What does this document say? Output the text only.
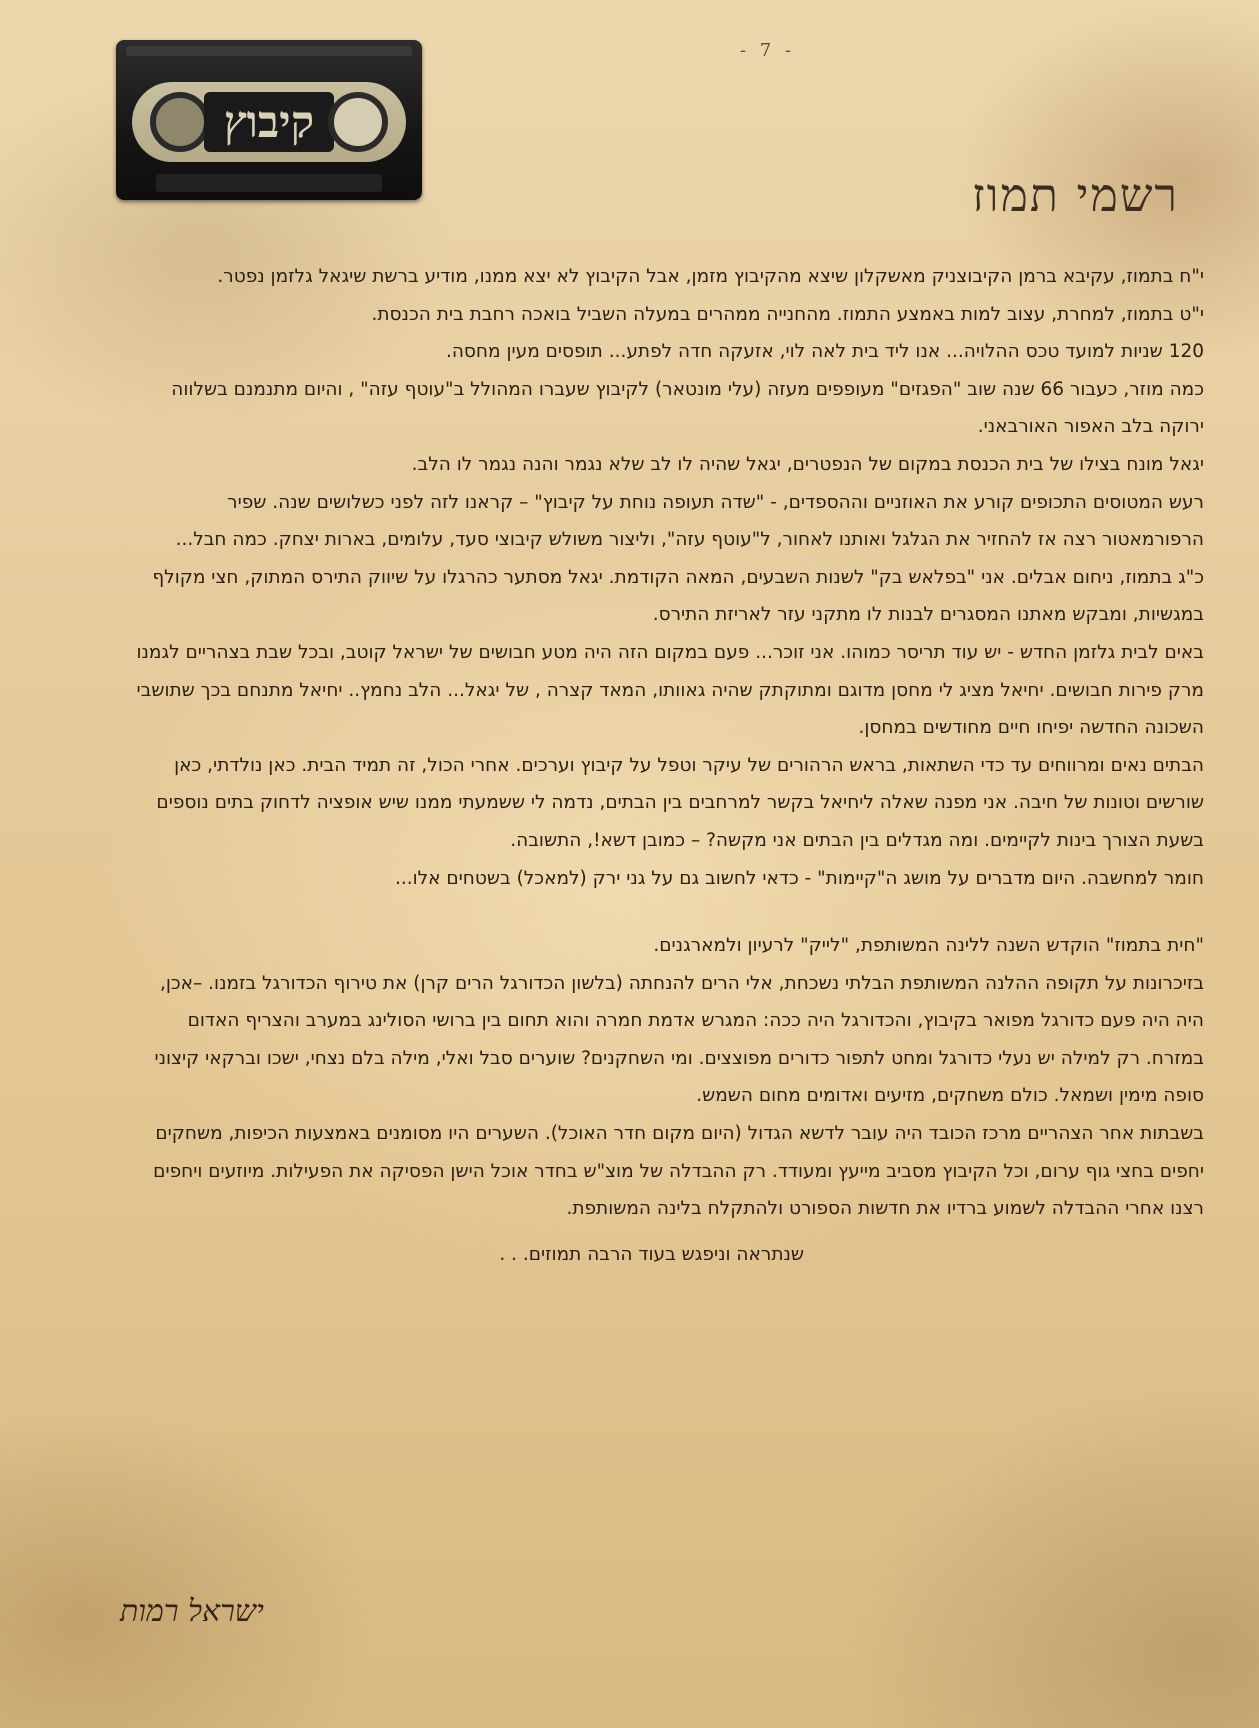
- 7 -
קיבוץ
רשמי תמוז

י"ח בתמוז, עקיבא ברמן הקיבוצניק מאשקלון שיצא מהקיבוץ מזמן, אבל הקיבוץ לא יצא ממנו, מודיע ברשת שיגאל גלזמן נפטר.

י"ט בתמוז, למחרת, עצוב למות באמצע התמוז. מהחנייה ממהרים במעלה השביל בואכה רחבת בית הכנסת.

120 שניות למועד טכס ההלויה... אנו ליד בית לאה לוי, אזעקה חדה לפתע... תופסים מעין מחסה.

כמה מוזר, כעבור 66 שנה שוב "הפגזים" מעופפים מעזה (עלי מונטאר) לקיבוץ שעברו המהולל ב"עוטף עזה" , והיום מתנמנם בשלווה ירוקה בלב האפור האורבאני.

יגאל מונח בצילו של בית הכנסת במקום של הנפטרים, יגאל שהיה לו לב שלא נגמר והנה נגמר לו הלב.

רעש המטוסים התכופים קורע את האוזניים וההספדים, - "שדה תעופה נוחת על קיבוץ" – קראנו לזה לפני כשלושים שנה. שפיר הרפורמאטור רצה אז להחזיר את הגלגל ואותנו לאחור, ל"עוטף עזה", וליצור משולש קיבוצי סעד, עלומים, בארות יצחק. כמה חבל...

כ"ג בתמוז, ניחום אבלים. אני "בפלאש בק" לשנות השבעים, המאה הקודמת. יגאל מסתער כהרגלו על שיווק התירס המתוק, חצי מקולף במגשיות, ומבקש מאתנו המסגרים לבנות לו מתקני עזר לאריזת התירס.

באים לבית גלזמן החדש - יש עוד תריסר כמוהו. אני זוכר... פעם במקום הזה היה מטע חבושים של ישראל קוטב, ובכל שבת בצהריים לגמנו מרק פירות חבושים. יחיאל מציג לי מחסן מדוגם ומתוקתק שהיה גאוותו, המאד קצרה , של יגאל... הלב נחמץ.. יחיאל מתנחם בכך שתושבי השכונה החדשה יפיחו חיים מחודשים במחסן.

הבתים נאים ומרווחים עד כדי השתאות, בראש הרהורים של עיקר וטפל על קיבוץ וערכים. אחרי הכול, זה תמיד הבית. כאן נולדתי, כאן שורשים וטונות של חיבה. אני מפנה שאלה ליחיאל בקשר למרחבים בין הבתים, נדמה לי ששמעתי ממנו שיש אופציה לדחוק בתים נוספים בשעת הצורך בינות לקיימים. ומה מגדלים בין הבתים אני מקשה? – כמובן דשא!, התשובה.

חומר למחשבה. היום מדברים על מושג ה"קיימות" - כדאי לחשוב גם על גני ירק (למאכל) בשטחים אלו...

"חית בתמוז" הוקדש השנה ללינה המשותפת, "לייק" לרעיון ולמארגנים.

בזיכרונות על תקופה ההלנה המשותפת הבלתי נשכחת, אלי הרים להנחתה (בלשון הכדורגל הרים קרן) את טירוף הכדורגל בזמנו. –אכן, היה היה פעם כדורגל מפואר בקיבוץ, והכדורגל היה ככה: המגרש אדמת חמרה והוא תחום בין ברושי הסולינג במערב והצריף האדום במזרח. רק למילה יש נעלי כדורגל ומחט לתפור כדורים מפוצצים. ומי השחקנים? שוערים סבל ואלי, מילה בלם נצחי, ישכו וברקאי קיצוני סופה מימין ושמאל. כולם משחקים, מזיעים ואדומים מחום השמש.

בשבתות אחר הצהריים מרכז הכובד היה עובר לדשא הגדול (היום מקום חדר האוכל). השערים היו מסומנים באמצעות הכיפות, משחקים יחפים בחצי גוף ערום, וכל הקיבוץ מסביב מייעץ ומעודד. רק ההבדלה של מוצ"ש בחדר אוכל הישן הפסיקה את הפעילות. מיוזעים ויחפים רצנו אחרי ההבדלה לשמוע ברדיו את חדשות הספורט ולהתקלח בלינה המשותפת.

שנתראה וניפגש בעוד הרבה תמוזים. . .

ישראל רמות
